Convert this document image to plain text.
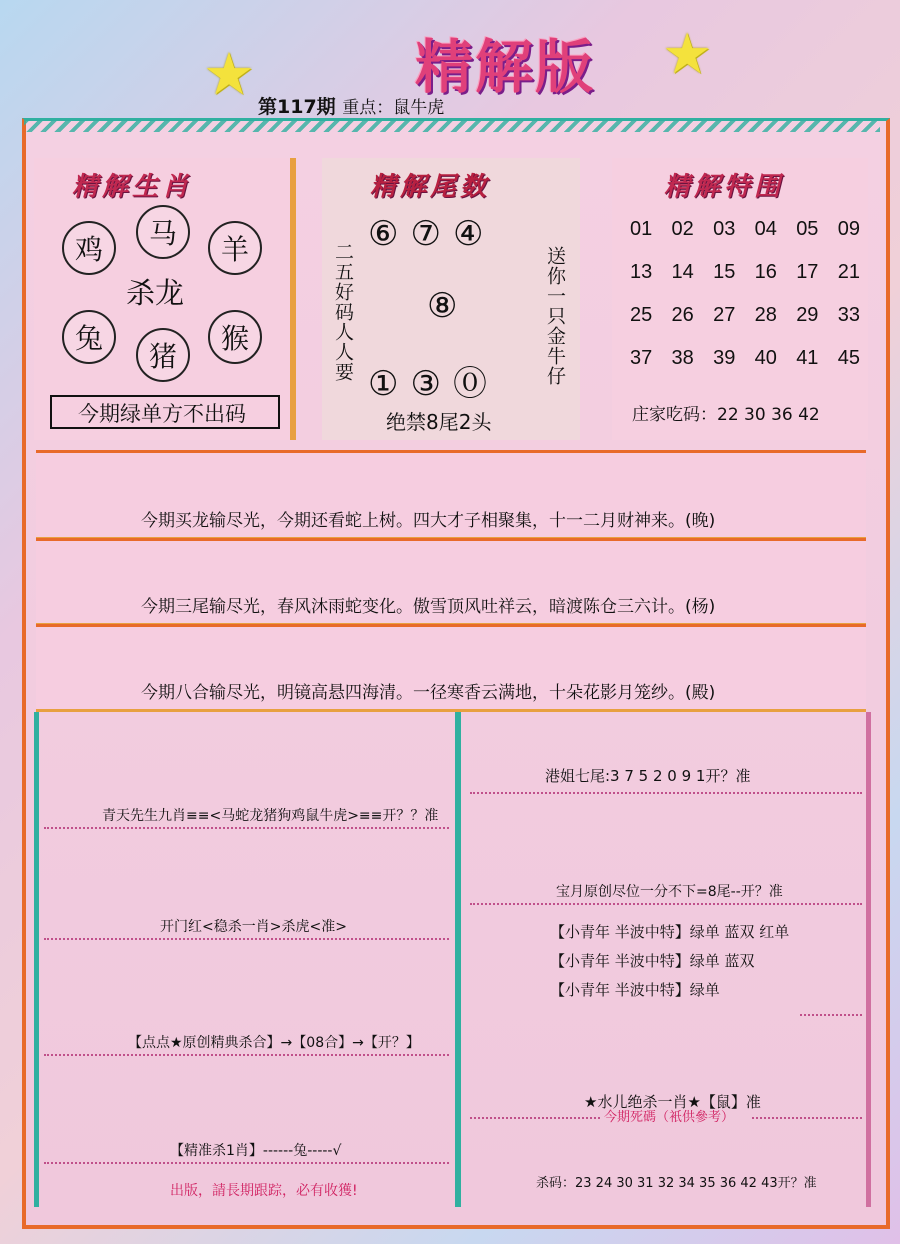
★	★
精解版
第117期 重点：鼠牛虎
精解生肖
鸡	马	羊
杀龙
兔
猪
猴
今期绿单方不出码
精解尾数
二五好码人人要	送你一只金牛仔
⑥⑦④
⑧
①③⓪
绝禁8尾2头
精解特围
01 02 03 04 05 09
13 14 15 16 17 21
25 26 27 28 29 33
37 38 39 40 41 45
庄家吃码：22 30 36 42
今期买龙输尽光，今期还看蛇上树。四大才子相聚集，十一二月财神来。(晚)
今期三尾输尽光，春风沐雨蛇变化。傲雪顶风吐祥云，暗渡陈仓三六计。(杨)
今期八合输尽光，明镜高悬四海清。一径寒香云满地，十朵花影月笼纱。(殿)
青天先生九肖≡≡<马蛇龙猪狗鸡鼠牛虎>≡≡开？？准
开门红<稳杀一肖>杀虎<准>
【点点★原创精典杀合】→【08合】→【开？】
【精准杀1肖】------兔-----√
出版，請長期跟踪，必有收獲!
港姐七尾:3 7 5 2 0 9 1开？准
宝月原创尽位一分不下=8尾--开？准
【小青年 半波中特】绿单 蓝双 红单
【小青年 半波中特】绿单 蓝双
【小青年 半波中特】绿单
★水儿绝杀一肖★【鼠】准
今期死碼（衹供參考）
杀码：23 24 30 31 32 34 35 36 42 43开？准
